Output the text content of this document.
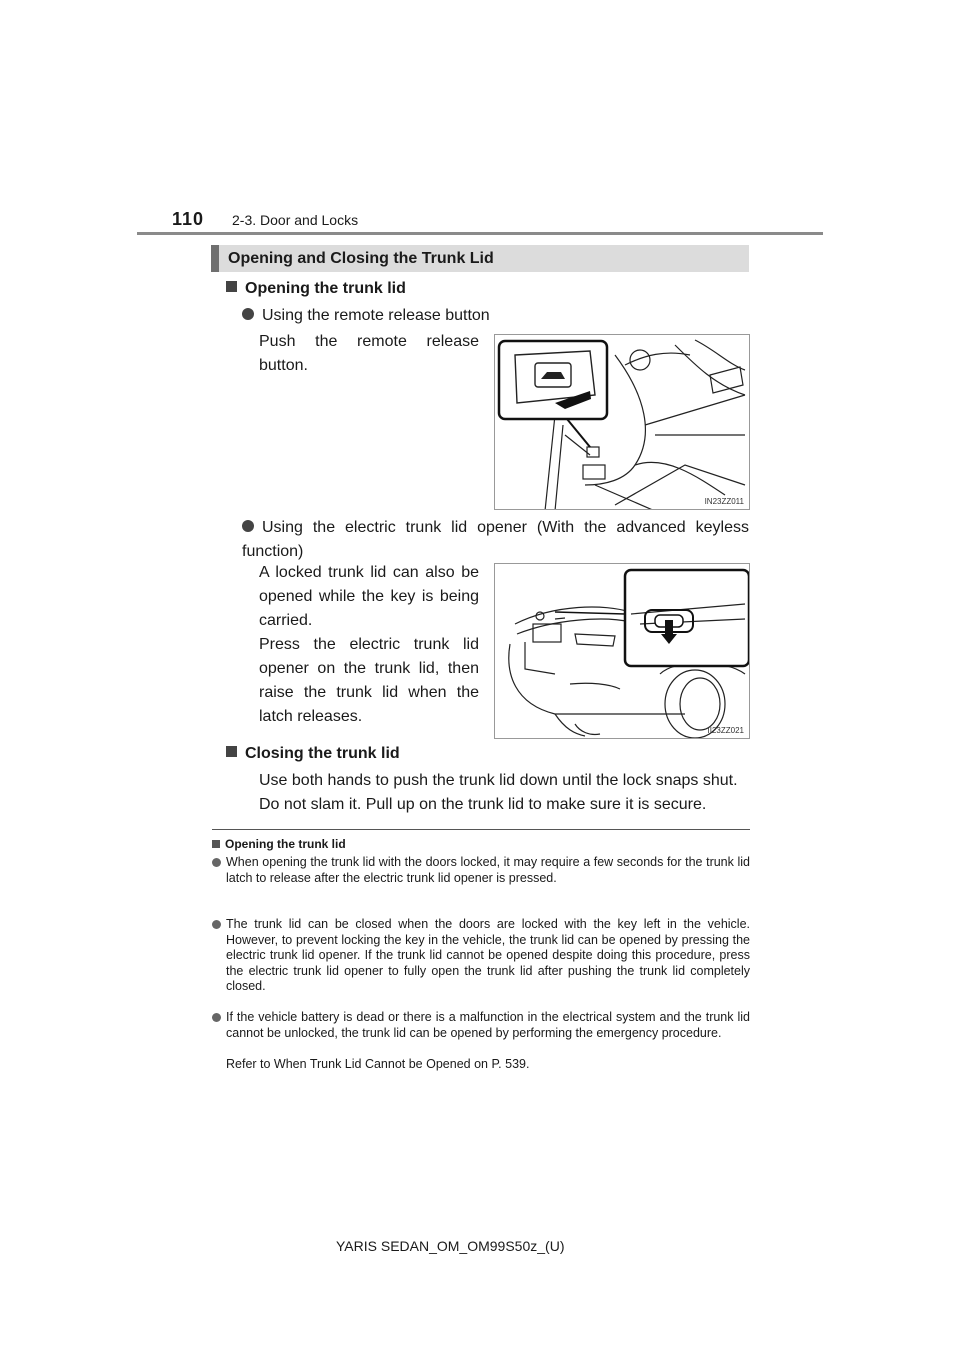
110 2-3. Door and Locks
Opening and Closing the Trunk Lid
Opening the trunk lid
Using the remote release button
Push the remote release button.
IN23ZZ011
Using the electric trunk lid opener (With the advanced keyless function)
A locked trunk lid can also be opened while the key is being carried.
Press the electric trunk lid opener on the trunk lid, then raise the trunk lid when the latch releases.
II23ZZ021
Closing the trunk lid
Use both hands to push the trunk lid down until the lock snaps shut. Do not slam it. Pull up on the trunk lid to make sure it is secure.
Opening the trunk lid
When opening the trunk lid with the doors locked, it may require a few seconds for the trunk lid latch to release after the electric trunk lid opener is pressed.
The trunk lid can be closed when the doors are locked with the key left in the vehicle. However, to prevent locking the key in the vehicle, the trunk lid can be opened by pressing the electric trunk lid opener. If the trunk lid cannot be opened despite doing this procedure, press the electric trunk lid opener to fully open the trunk lid after pushing the trunk lid completely closed.
If the vehicle battery is dead or there is a malfunction in the electrical system and the trunk lid cannot be unlocked, the trunk lid can be opened by performing the emergency procedure.
Refer to When Trunk Lid Cannot be Opened on P. 539.
YARIS SEDAN_OM_OM99S50z_(U)
